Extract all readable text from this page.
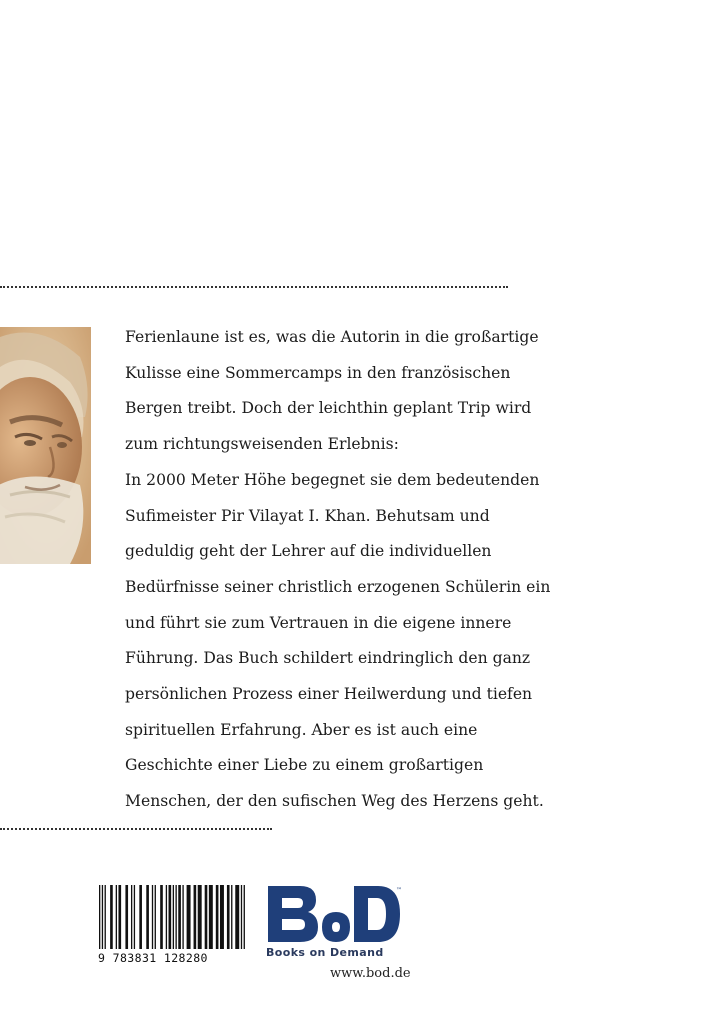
Ferienlaune ist es, was die Autorin in die großartige
Kulisse eine Sommercamps in den französischen
Bergen treibt. Doch der leichthin geplant Trip wird
zum richtungsweisenden Erlebnis:
In 2000 Meter Höhe begegnet sie dem bedeutenden
Sufimeister Pir Vilayat I. Khan. Behutsam und
geduldig geht der Lehrer auf die individuellen
Bedürfnisse seiner christlich erzogenen Schülerin ein
und führt sie zum Vertrauen in die eigene innere
Führung. Das Buch schildert eindringlich den ganz
persönlichen Prozess einer Heilwerdung und tiefen
spirituellen Erfahrung. Aber es ist auch eine
Geschichte einer Liebe zu einem großartigen
Menschen, der den sufischen Weg des Herzens geht.
9 783831 128280
™
Books on Demand
www.bod.de
